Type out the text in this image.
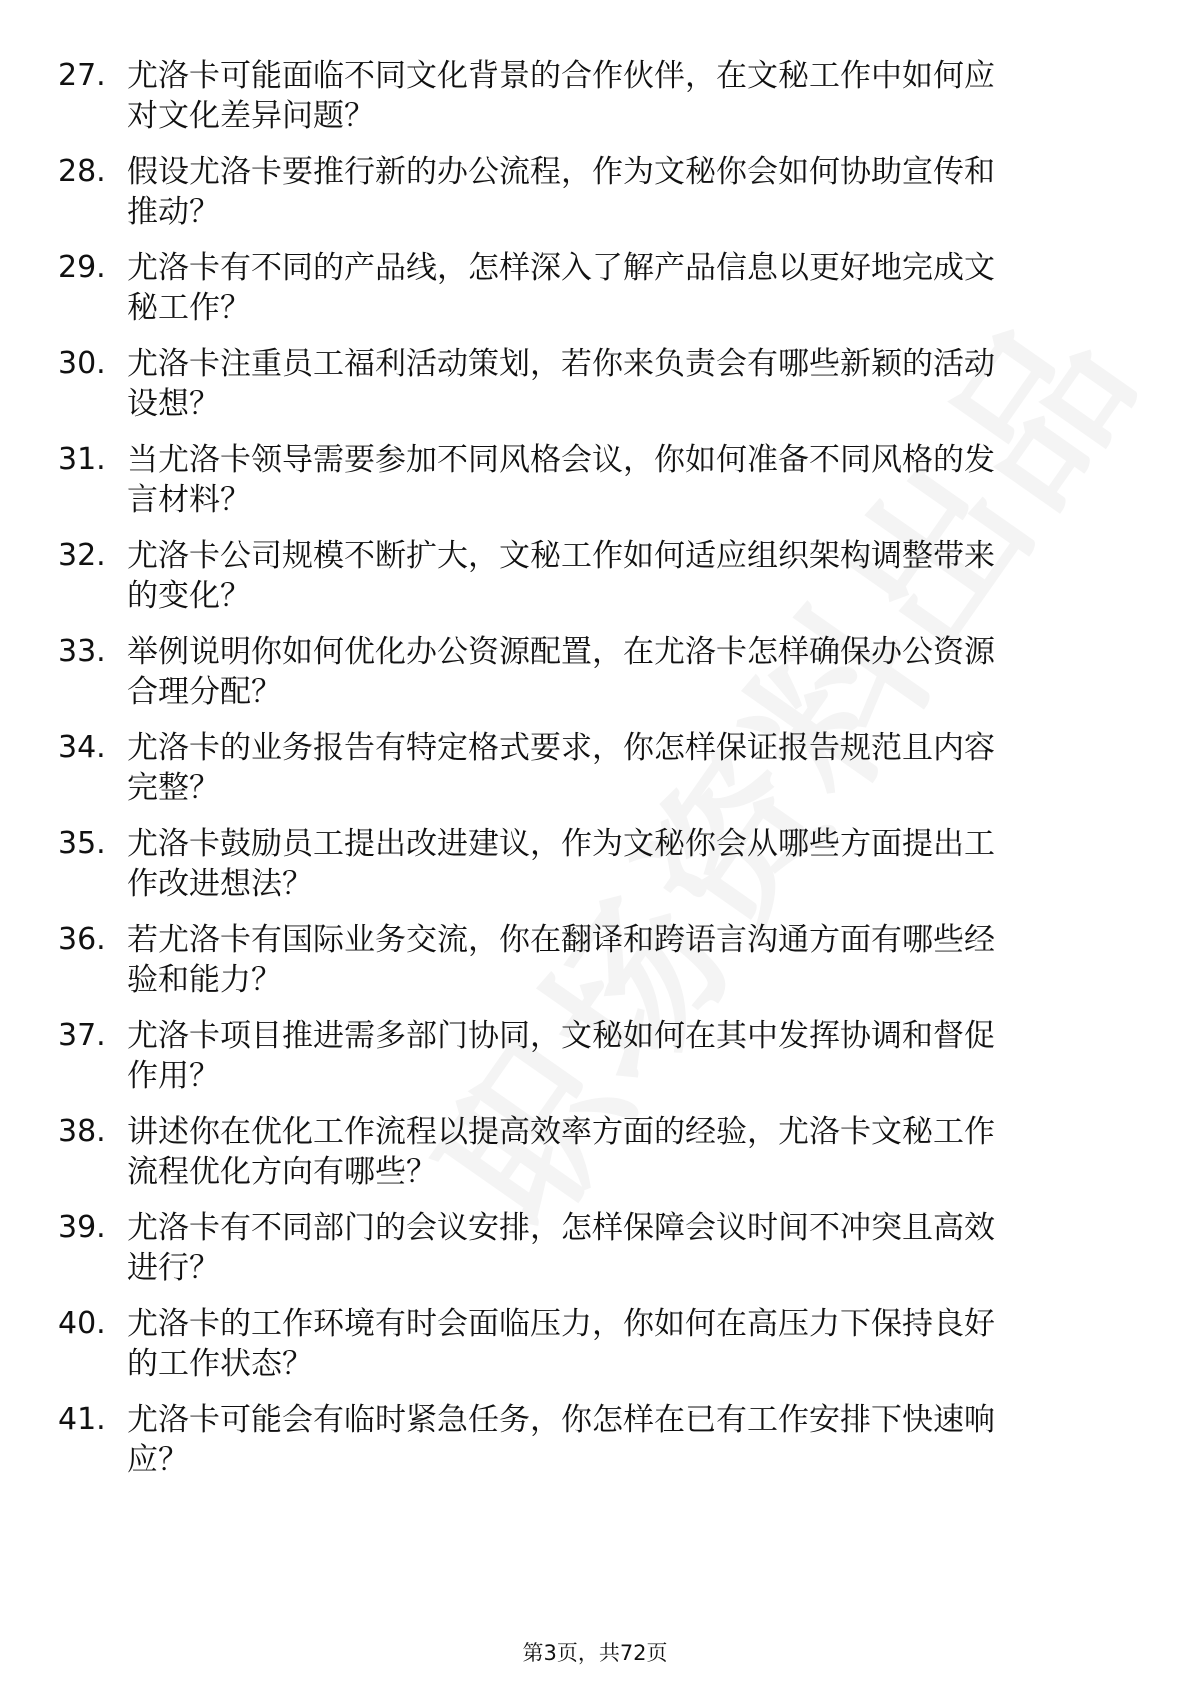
27. 尤洛卡可能面临不同文化背景的合作伙伴，在文秘工作中如何应
对文化差异问题？
28. 假设尤洛卡要推行新的办公流程，作为文秘你会如何协助宣传和
推动？
29. 尤洛卡有不同的产品线，怎样深入了解产品信息以更好地完成文
秘工作？
30. 尤洛卡注重员工福利活动策划，若你来负责会有哪些新颖的活动
设想？
31. 当尤洛卡领导需要参加不同风格会议，你如何准备不同风格的发
言材料？
32. 尤洛卡公司规模不断扩大，文秘工作如何适应组织架构调整带来
的变化？
33. 举例说明你如何优化办公资源配置，在尤洛卡怎样确保办公资源
合理分配？
34. 尤洛卡的业务报告有特定格式要求，你怎样保证报告规范且内容
完整？
35. 尤洛卡鼓励员工提出改进建议，作为文秘你会从哪些方面提出工
作改进想法？
36. 若尤洛卡有国际业务交流，你在翻译和跨语言沟通方面有哪些经
验和能力？
37. 尤洛卡项目推进需多部门协同，文秘如何在其中发挥协调和督促
作用？
38. 讲述你在优化工作流程以提高效率方面的经验，尤洛卡文秘工作
流程优化方向有哪些？
39. 尤洛卡有不同部门的会议安排，怎样保障会议时间不冲突且高效
进行？
40. 尤洛卡的工作环境有时会面临压力，你如何在高压力下保持良好
的工作状态？
41. 尤洛卡可能会有临时紧急任务，你怎样在已有工作安排下快速响
应？
第3页，共72页
